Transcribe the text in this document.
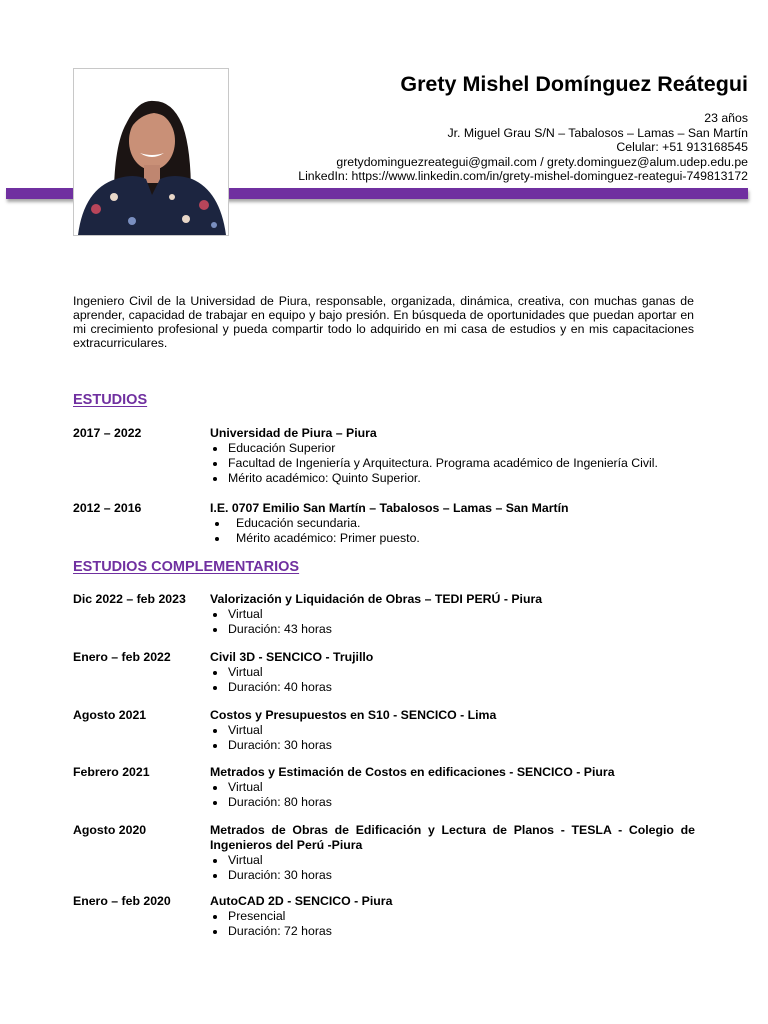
Grety Mishel Domínguez Reátegui
23 años
Jr. Miguel Grau S/N – Tabalosos – Lamas – San Martín
Celular: +51 913168545
gretydominguezreategui@gmail.com / grety.dominguez@alum.udep.edu.pe
LinkedIn: https://www.linkedin.com/in/grety-mishel-dominguez-reategui-749813172
Ingeniero Civil de la Universidad de Piura, responsable, organizada, dinámica, creativa, con muchas ganas de aprender, capacidad de trabajar en equipo y bajo presión. En búsqueda de oportunidades que puedan aportar en mi crecimiento profesional y pueda compartir todo lo adquirido en mi casa de estudios y en mis capacitaciones extracurriculares.
ESTUDIOS
2017 – 2022	Universidad de Piura – Piura
Educación Superior
Facultad de Ingeniería y Arquitectura. Programa académico de Ingeniería Civil.
Mérito académico: Quinto Superior.
2012 – 2016	I.E. 0707 Emilio San Martín – Tabalosos – Lamas – San Martín
Educación secundaria.
Mérito académico: Primer puesto.
ESTUDIOS COMPLEMENTARIOS
Dic 2022 – feb 2023 Valorización y Liquidación de Obras – TEDI PERÚ - Piura
Virtual
Duración: 43 horas
Enero – feb 2022	Civil 3D - SENCICO - Trujillo
Virtual
Duración: 40 horas
Agosto 2021	Costos y Presupuestos en S10 - SENCICO - Lima
Virtual
Duración: 30 horas
Febrero 2021	Metrados y Estimación de Costos en edificaciones - SENCICO - Piura
Virtual
Duración: 80 horas
Agosto 2020	Metrados de Obras de Edificación y Lectura de Planos - TESLA - Colegio de Ingenieros del Perú -Piura
Virtual
Duración: 30 horas
Enero – feb 2020	AutoCAD 2D - SENCICO - Piura
Presencial
Duración: 72 horas
